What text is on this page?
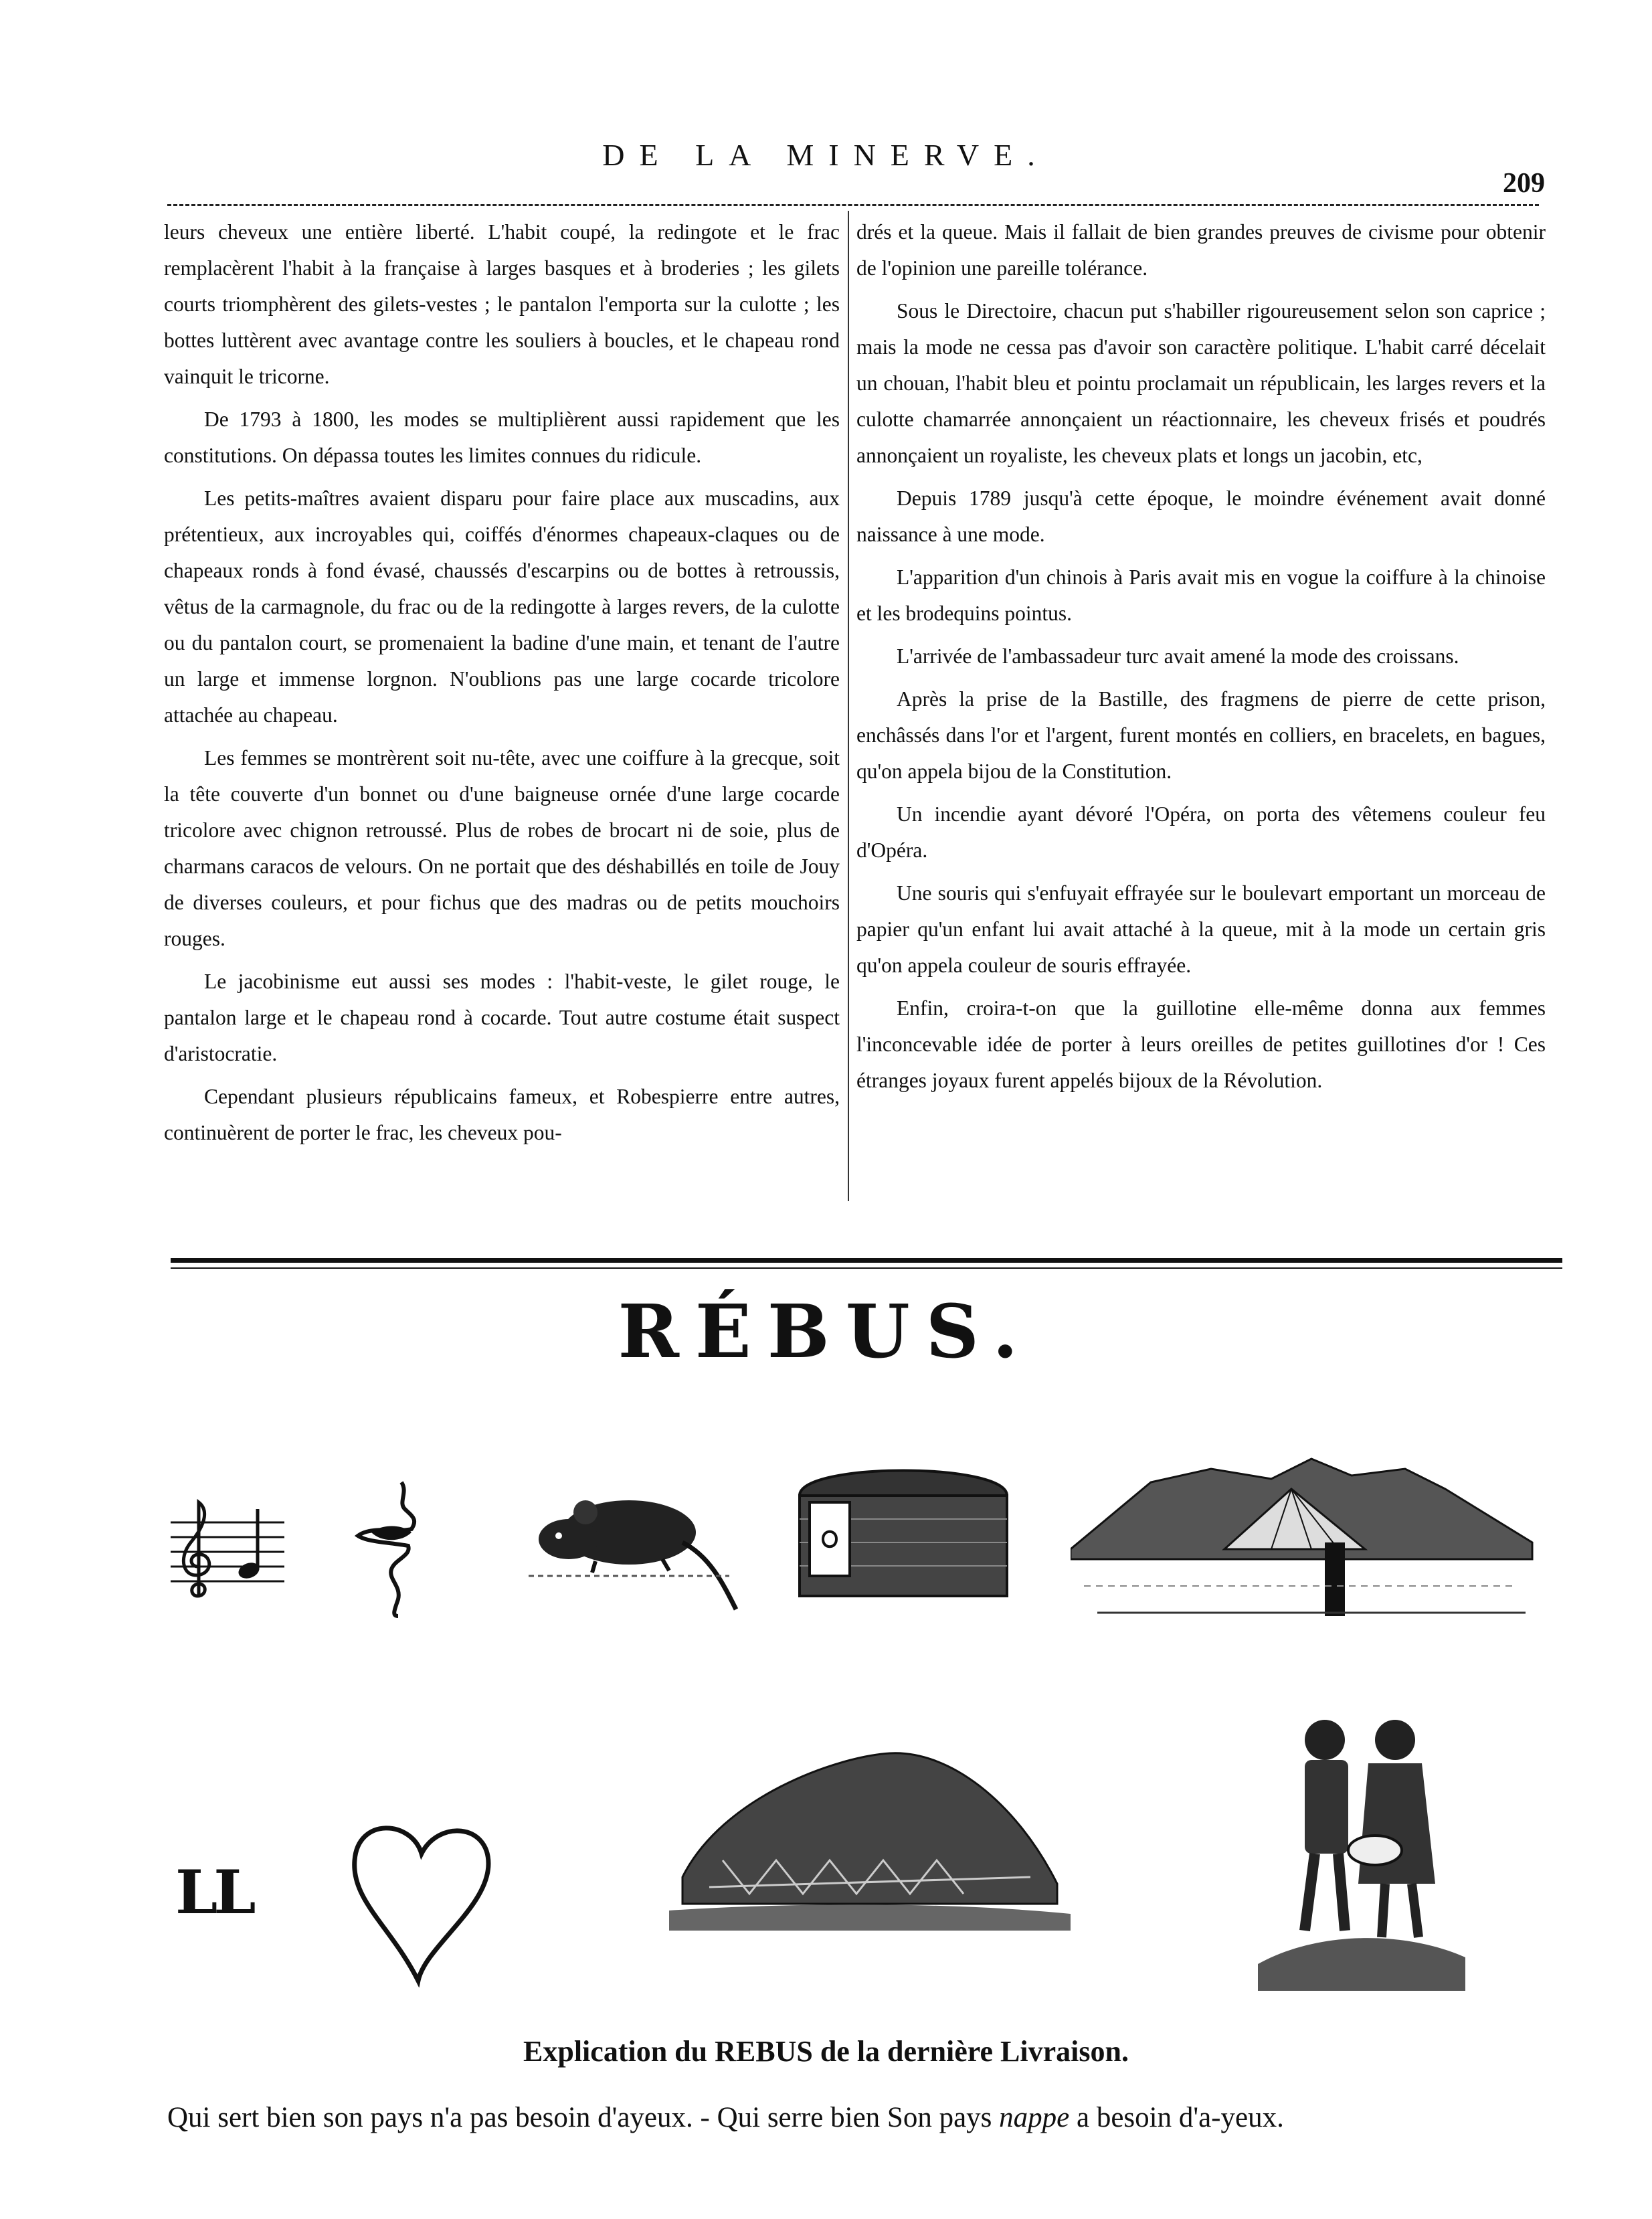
DE LA MINERVE.
209

leurs cheveux une entière liberté. L'habit coupé, la redingote et le frac remplacèrent l'habit à la française à larges basques et à broderies ; les gilets courts triomphèrent des gilets-vestes ; le pantalon l'emporta sur la culotte ; les bottes luttèrent avec avantage contre les souliers à boucles, et le chapeau rond vainquit le tricorne.

De 1793 à 1800, les modes se multiplièrent aussi rapidement que les constitutions. On dépassa toutes les limites connues du ridicule.

Les petits-maîtres avaient disparu pour faire place aux muscadins, aux prétentieux, aux incroyables qui, coiffés d'énormes chapeaux-claques ou de chapeaux ronds à fond évasé, chaussés d'escarpins ou de bottes à retroussis, vêtus de la carmagnole, du frac ou de la redingotte à larges revers, de la culotte ou du pantalon court, se promenaient la badine d'une main, et tenant de l'autre un large et immense lorgnon. N'oublions pas une large cocarde tricolore attachée au chapeau.

Les femmes se montrèrent soit nu-tête, avec une coiffure à la grecque, soit la tête couverte d'un bonnet ou d'une baigneuse ornée d'une large cocarde tricolore avec chignon retroussé. Plus de robes de brocart ni de soie, plus de charmans caracos de velours. On ne portait que des déshabillés en toile de Jouy de diverses couleurs, et pour fichus que des madras ou de petits mouchoirs rouges.

Le jacobinisme eut aussi ses modes : l'habit-veste, le gilet rouge, le pantalon large et le chapeau rond à cocarde. Tout autre costume était suspect d'aristocratie.

Cependant plusieurs républicains fameux, et Robespierre entre autres, continuèrent de porter le frac, les cheveux pou-

drés et la queue. Mais il fallait de bien grandes preuves de civisme pour obtenir de l'opinion une pareille tolérance.

Sous le Directoire, chacun put s'habiller rigoureusement selon son caprice ; mais la mode ne cessa pas d'avoir son caractère politique. L'habit carré décelait un chouan, l'habit bleu et pointu proclamait un républicain, les larges revers et la culotte chamarrée annonçaient un réactionnaire, les cheveux frisés et poudrés annonçaient un royaliste, les cheveux plats et longs un jacobin, etc,

Depuis 1789 jusqu'à cette époque, le moindre événement avait donné naissance à une mode.

L'apparition d'un chinois à Paris avait mis en vogue la coiffure à la chinoise et les brodequins pointus.

L'arrivée de l'ambassadeur turc avait amené la mode des croissans.

Après la prise de la Bastille, des fragmens de pierre de cette prison, enchâssés dans l'or et l'argent, furent montés en colliers, en bracelets, en bagues, qu'on appela bijou de la Constitution.

Un incendie ayant dévoré l'Opéra, on porta des vêtemens couleur feu d'Opéra.

Une souris qui s'enfuyait effrayée sur le boulevart emportant un morceau de papier qu'un enfant lui avait attaché à la queue, mit à la mode un certain gris qu'on appela couleur de souris effrayée.

Enfin, croira-t-on que la guillotine elle-même donna aux femmes l'inconcevable idée de porter à leurs oreilles de petites guillotines d'or ! Ces étranges joyaux furent appelés bijoux de la Révolution.

RÉBUS.
LL
Explication du REBUS de la dernière Livraison.
Qui sert bien son pays n'a pas besoin d'ayeux. - Qui serre bien Son pays nappe a besoin d'a-yeux.
